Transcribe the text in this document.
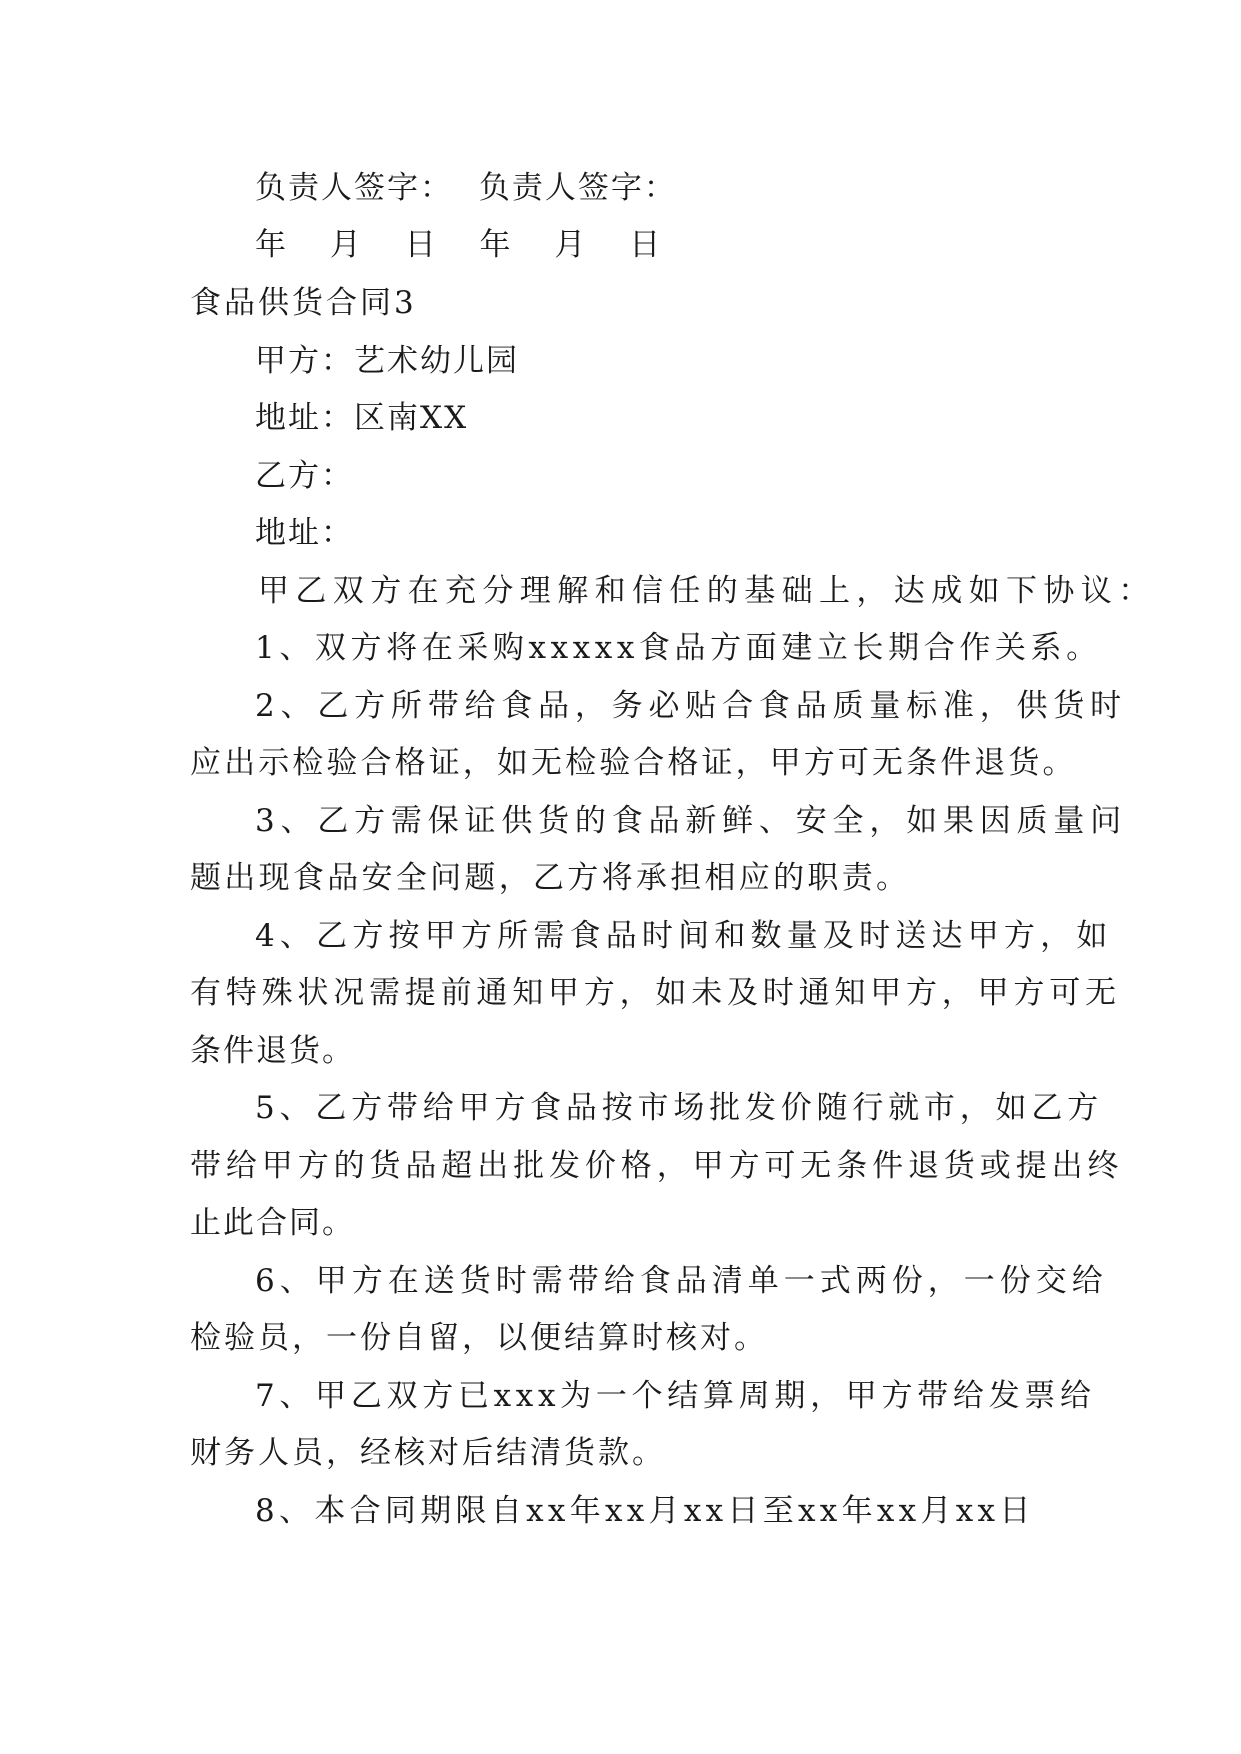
负责人签字： 负责人签字：
年 月 日 年 月 日
食品供货合同3
甲方：艺术幼儿园
地址：区南XX
乙方：
地址：
甲乙双方在充分理解和信任的基础上，达成如下协议：
1、双方将在采购xxxxx食品方面建立长期合作关系。
2、乙方所带给食品，务必贴合食品质量标准，供货时
应出示检验合格证，如无检验合格证，甲方可无条件退货。
3、乙方需保证供货的食品新鲜、安全，如果因质量问
题出现食品安全问题，乙方将承担相应的职责。
4、乙方按甲方所需食品时间和数量及时送达甲方，如
有特殊状况需提前通知甲方，如未及时通知甲方，甲方可无
条件退货。
5、乙方带给甲方食品按市场批发价随行就市，如乙方
带给甲方的货品超出批发价格，甲方可无条件退货或提出终
止此合同。
6、甲方在送货时需带给食品清单一式两份，一份交给
检验员，一份自留，以便结算时核对。
7、甲乙双方已xxx为一个结算周期，甲方带给发票给
财务人员，经核对后结清货款。
8、本合同期限自xx年xx月xx日至xx年xx月xx日
